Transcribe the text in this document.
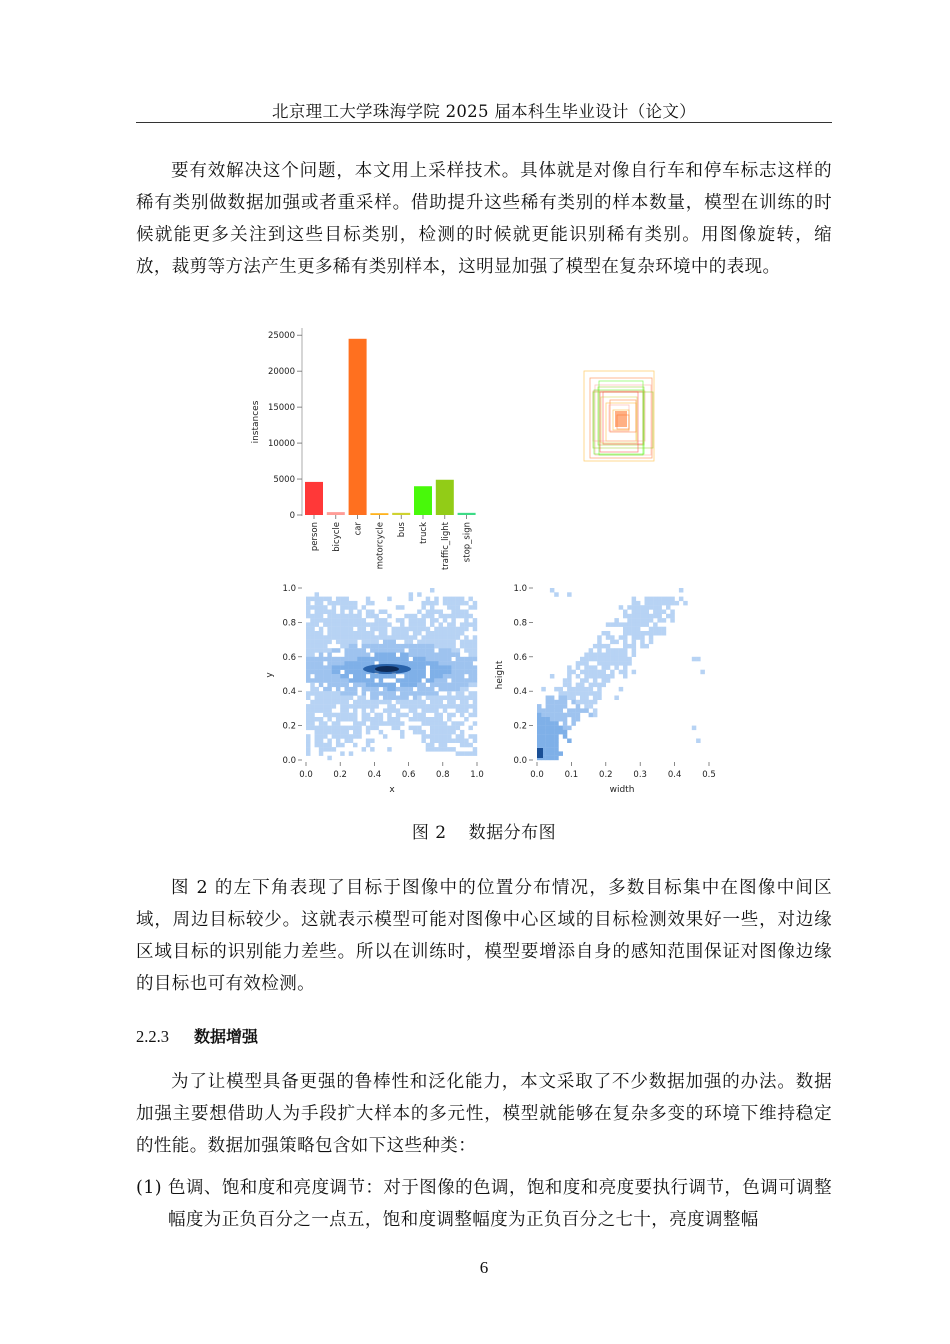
北京理工大学珠海学院 2025 届本科生毕业设计（论文）
要有效解决这个问题，本文用上采样技术。具体就是对像自行车和停车标志这样的稀有类别做数据加强或者重采样。借助提升这些稀有类别的样本数量，模型在训练的时候就能更多关注到这些目标类别，检测的时候就更能识别稀有类别。用图像旋转，缩放，裁剪等方法产生更多稀有类别样本，这明显加强了模型在复杂环境中的表现。
instances
0
5000
10000
15000
20000
25000
person bicycle car motorcycle bus truck traffic_light stop_sign
0.0
0.0
0.2
0.2
0.4
0.4
0.6
0.6
0.8
0.8
1.0
1.0
x
y
0.0 0.1 0.2 0.3 0.4 0.5
0.0
0.2
0.4
0.6
0.8
1.0
width
height
图 2 数据分布图
图 2 的左下角表现了目标于图像中的位置分布情况，多数目标集中在图像中间区域，周边目标较少。这就表示模型可能对图像中心区域的目标检测效果好一些，对边缘区域目标的识别能力差些。所以在训练时，模型要增添自身的感知范围保证对图像边缘的目标也可有效检测。
2.2.3 数据增强
为了让模型具备更强的鲁棒性和泛化能力，本文采取了不少数据加强的办法。数据加强主要想借助人为手段扩大样本的多元性，模型就能够在复杂多变的环境下维持稳定的性能。数据加强策略包含如下这些种类：
(1) 色调、饱和度和亮度调节：对于图像的色调，饱和度和亮度要执行调节，色调可调整幅度为正负百分之一点五，饱和度调整幅度为正负百分之七十，亮度调整幅
6
